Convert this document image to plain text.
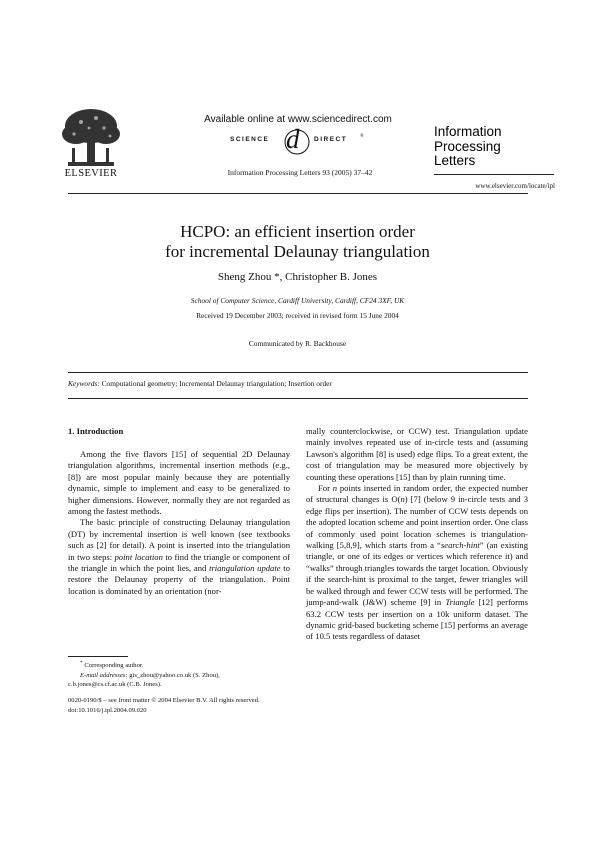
ELSEVIER
Available online at www.sciencedirect.com
SCIENCE d DIRECT	®
Information Processing Letters 93 (2005) 37–42
Information
Processing
Letters
www.elsevier.com/locate/ipl
HCPO: an efficient insertion order
for incremental Delaunay triangulation
Sheng Zhou *, Christopher B. Jones
School of Computer Science, Cardiff University, Cardiff, CF24 3XF, UK
Received 19 December 2003; received in revised form 15 June 2004
Communicated by R. Backhouse
Keywords: Computational geometry; Incremental Delaunay triangulation; Insertion order
1. Introduction

Among the five flavors [15] of sequential 2D Delaunay triangulation algorithms, incremental insertion methods (e.g., [8]) are most popular mainly because they are potentially dynamic, simple to implement and easy to be generalized to higher dimensions. However, normally they are not regarded as among the fastest methods.

The basic principle of constructing Delaunay triangulation (DT) by incremental insertion is well known (see textbooks such as [2] for detail). A point is inserted into the triangulation in two steps: point location to find the triangle or component of the triangle in which the point lies, and triangulation update to restore the Delaunay property of the triangulation. Point location is dominated by an orientation (nor-

mally counterclockwise, or CCW) test. Triangulation update mainly involves repeated use of in-circle tests and (assuming Lawson's algorithm [8] is used) edge flips. To a great extent, the cost of triangulation may be measured more objectively by counting these operations [15] than by plain running time.

For n points inserted in random order, the expected number of structural changes is O(n) [7] (below 9 in-circle tests and 3 edge flips per insertion). The number of CCW tests depends on the adopted location scheme and point insertion order. One class of commonly used point location schemes is triangulation-walking [5,8,9], which starts from a “search-hint” (an existing triangle, or one of its edges or vertices which reference it) and “walks” through triangles towards the target location. Obviously if the search-hint is proximal to the target, fewer triangles will be walked through and fewer CCW tests will be performed. The jump-and-walk (J&W) scheme [9] in Triangle [12] performs 63.2 CCW tests per insertion on a 10k uniform dataset. The dynamic grid-based bucketing scheme [15] performs an average of 10.5 tests regardless of dataset

* Corresponding author.
E-mail addresses: gis_zhou@yahoo.co.uk (S. Zhou),
c.b.jones@cs.cf.ac.uk (C.B. Jones).
0020-0190/$ – see front matter © 2004 Elsevier B.V. All rights reserved.
doi:10.1016/j.ipl.2004.09.020
